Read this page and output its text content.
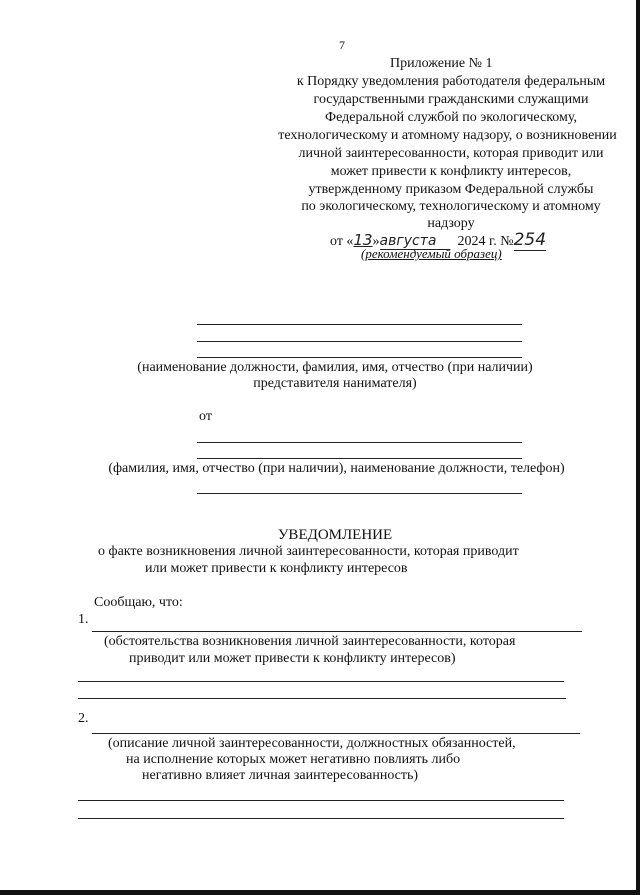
7
Приложение № 1
к Порядку уведомления работодателя федеральным
государственными гражданскими служащими
Федеральной службой по экологическому,
технологическому и атомному надзору, о возникновении
личной заинтересованности, которая приводит или
может привести к конфликту интересов,
утвержденному приказом Федеральной службы
по экологическому, технологическому и атомному
надзору
от «13»августа 2024 г. №254
(рекомендуемый образец)
(наименование должности, фамилия, имя, отчество (при наличии)
представителя нанимателя)
от
(фамилия, имя, отчество (при наличии), наименование должности, телефон)
УВЕДОМЛЕНИЕ
о факте возникновения личной заинтересованности, которая приводит
или может привести к конфликту интересов
Сообщаю, что:
1.
(обстоятельства возникновения личной заинтересованности, которая
приводит или может привести к конфликту интересов)
2.
(описание личной заинтересованности, должностных обязанностей,
на исполнение которых может негативно повлиять либо
негативно влияет личная заинтересованность)
